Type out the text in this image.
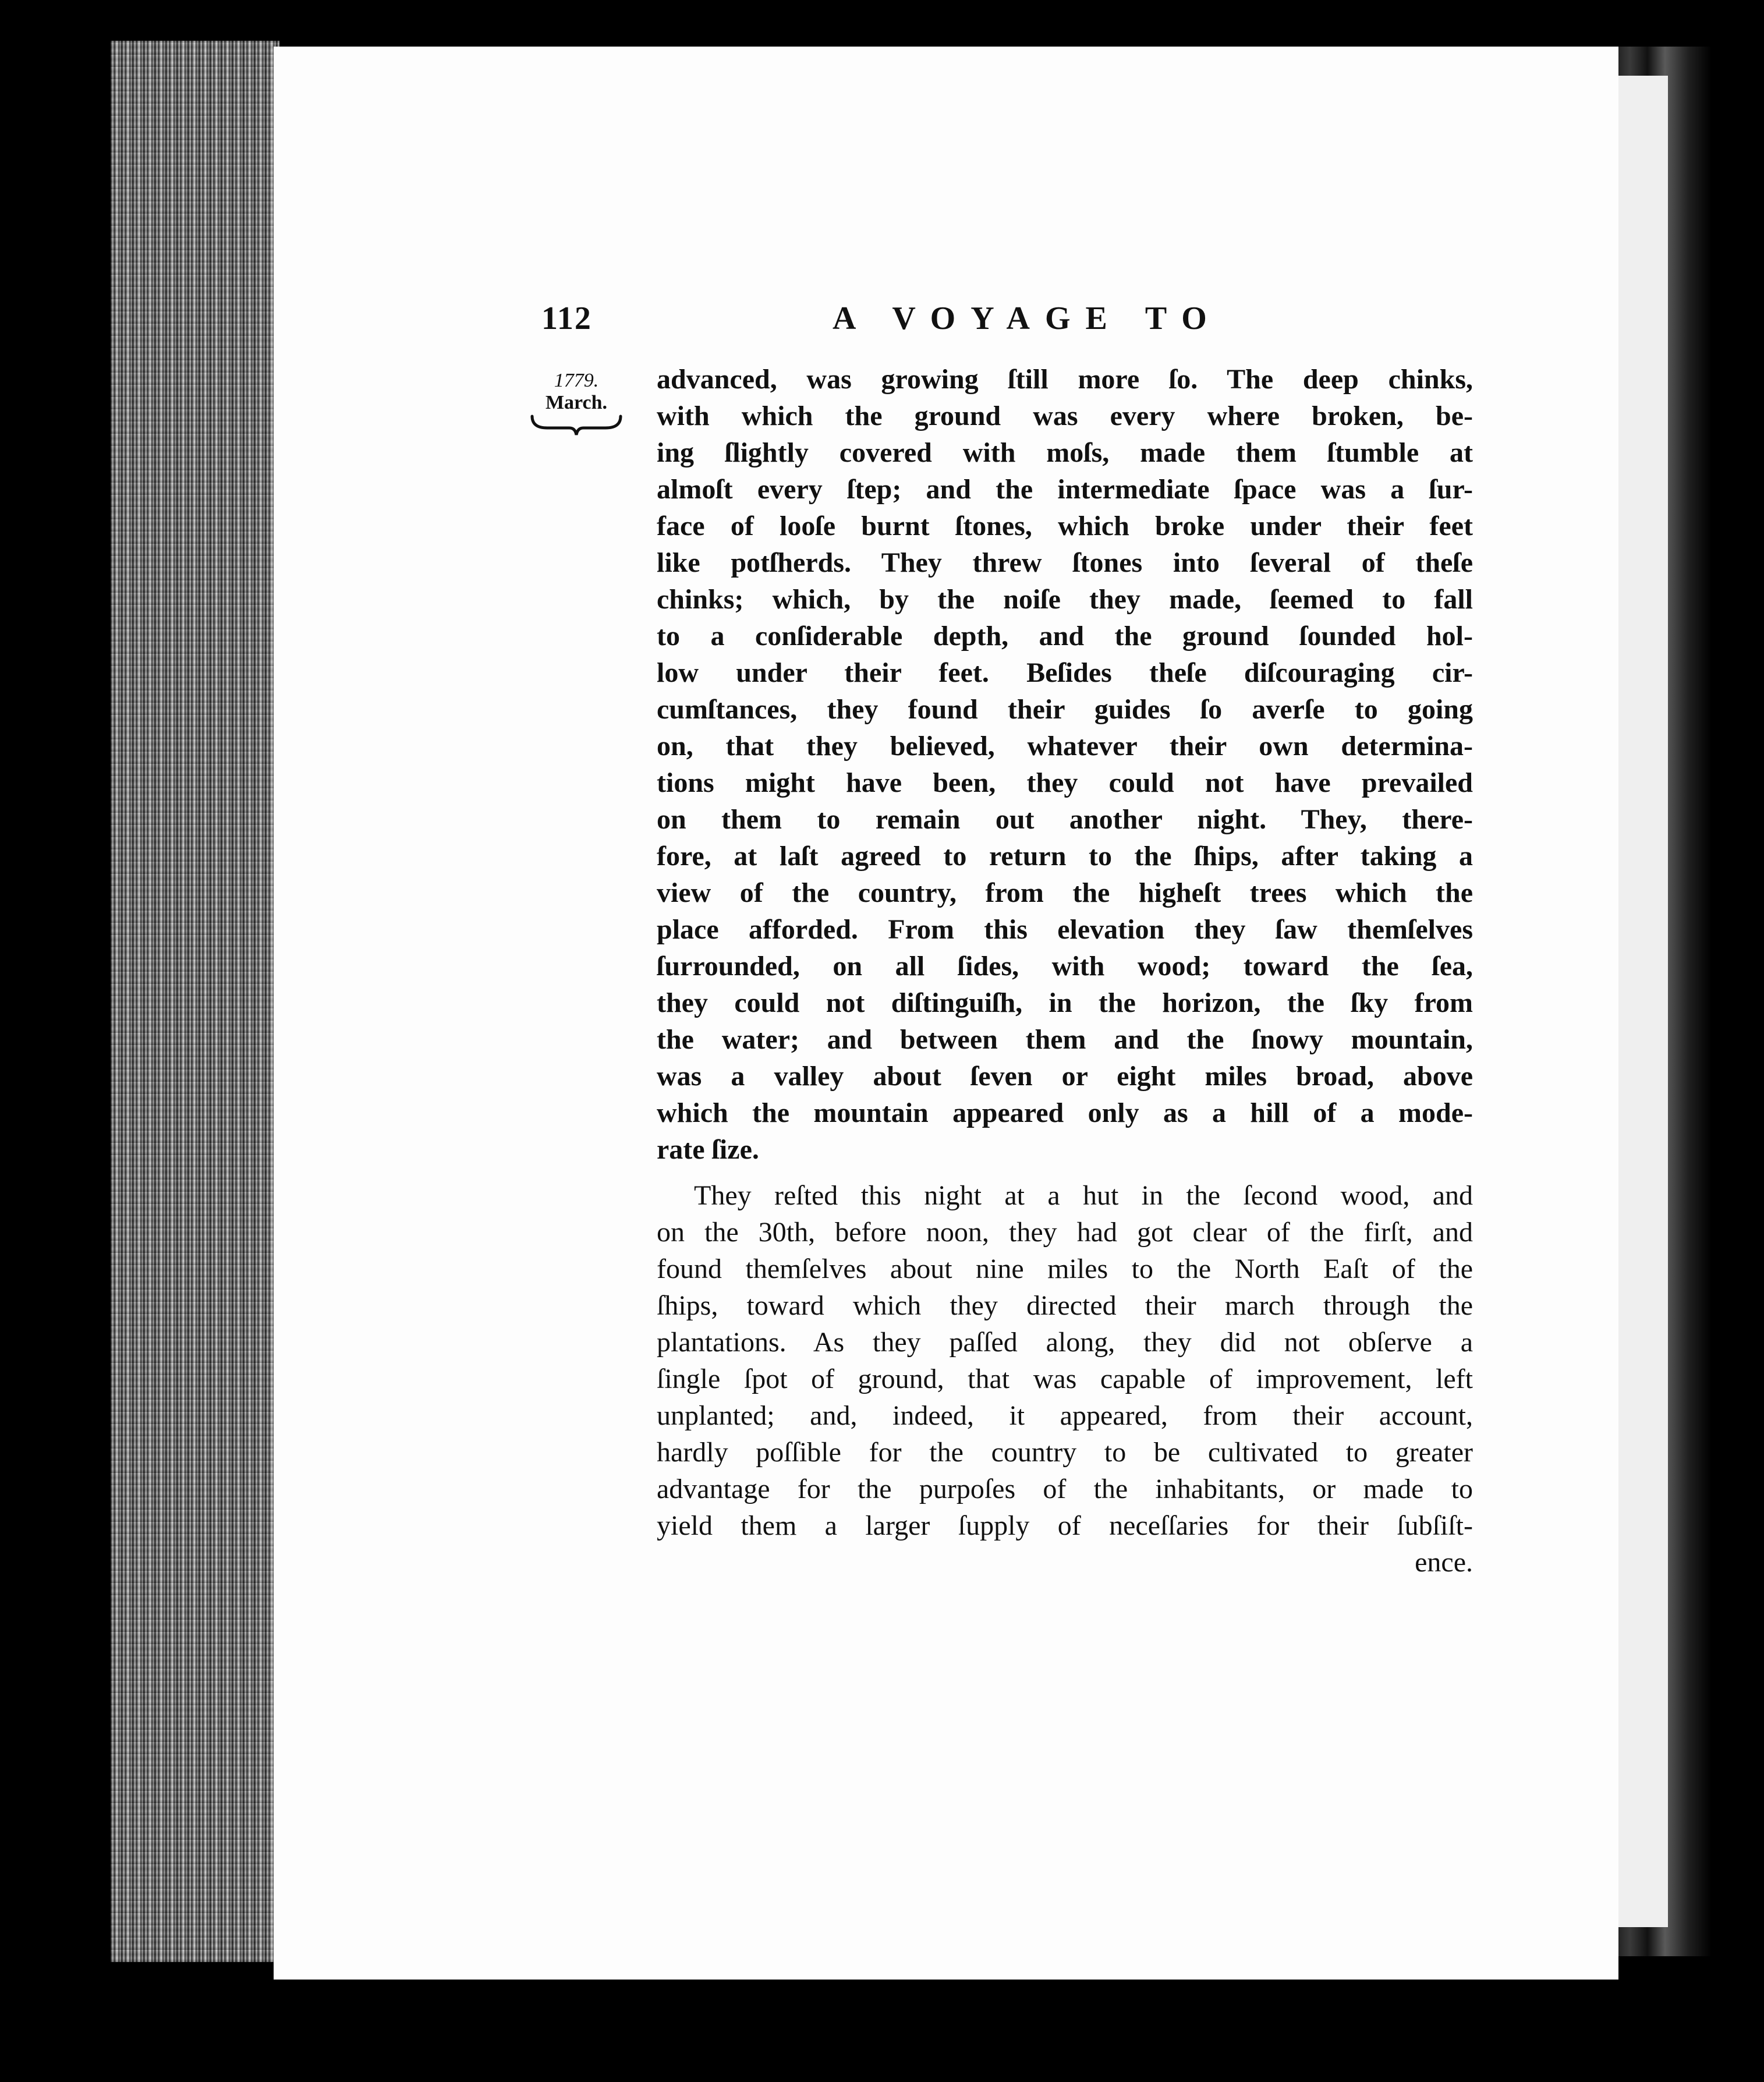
112	A VOYAGE TO
1779.
March.
advanced, was growing ſtill more ſo. The deep chinks,
with which the ground was every where broken, be-
ing ſlightly covered with moſs, made them ſtumble at
almoſt every ſtep; and the intermediate ſpace was a ſur-
face of looſe burnt ſtones, which broke under their feet
like potſherds. They threw ſtones into ſeveral of theſe
chinks; which, by the noiſe they made, ſeemed to fall
to a conſiderable depth, and the ground ſounded hol-
low under their feet. Beſides theſe diſcouraging cir-
cumſtances, they found their guides ſo averſe to going
on, that they believed, whatever their own determina-
tions might have been, they could not have prevailed
on them to remain out another night. They, there-
fore, at laſt agreed to return to the ſhips, after taking a
view of the country, from the higheſt trees which the
place afforded. From this elevation they ſaw themſelves
ſurrounded, on all ſides, with wood; toward the ſea,
they could not diſtinguiſh, in the horizon, the ſky from
the water; and between them and the ſnowy mountain,
was a valley about ſeven or eight miles broad, above
which the mountain appeared only as a hill of a mode-
rate ſize.
They reſted this night at a hut in the ſecond wood, and
on the 30th, before noon, they had got clear of the firſt, and
found themſelves about nine miles to the North Eaſt of the
ſhips, toward which they directed their march through the
plantations. As they paſſed along, they did not obſerve a
ſingle ſpot of ground, that was capable of improvement, left
unplanted; and, indeed, it appeared, from their account,
hardly poſſible for the country to be cultivated to greater
advantage for the purpoſes of the inhabitants, or made to
yield them a larger ſupply of neceſſaries for their ſubſiſt-
ence.
